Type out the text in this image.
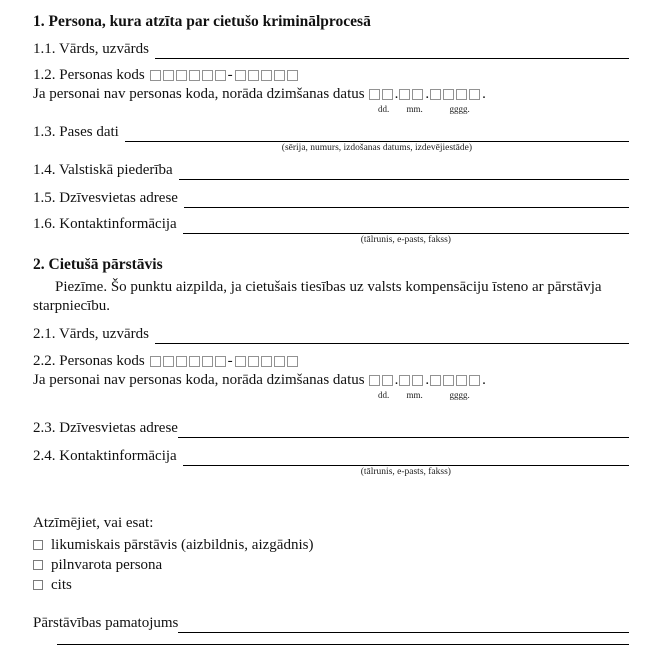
1. Persona, kura atzīta par cietušo kriminālprocesā
1.1. Vārds, uzvārds
1.2. Personas kods	-
Ja personai nav personas koda, norāda dzimšanas datus . .	.
dd.	mm.	gggg.
1.3. Pases dati
(sērija, numurs, izdošanas datums, izdevējiestāde)
1.4. Valstiskā piederība
1.5. Dzīvesvietas adrese
1.6. Kontaktinformācija
(tālrunis, e-pasts, fakss)
2. Cietušā pārstāvis
Piezīme. Šo punktu aizpilda, ja cietušais tiesības uz valsts kompensāciju īsteno ar pārstāvja starpniecību.
2.1. Vārds, uzvārds
2.2. Personas kods	-
Ja personai nav personas koda, norāda dzimšanas datus . .	.
dd.	mm.	gggg.
2.3. Dzīvesvietas adrese
2.4. Kontaktinformācija
(tālrunis, e-pasts, fakss)
Atzīmējiet, vai esat:
likumiskais pārstāvis (aizbildnis, aizgādnis)
pilnvarota persona
cits
Pārstāvības pamatojums
